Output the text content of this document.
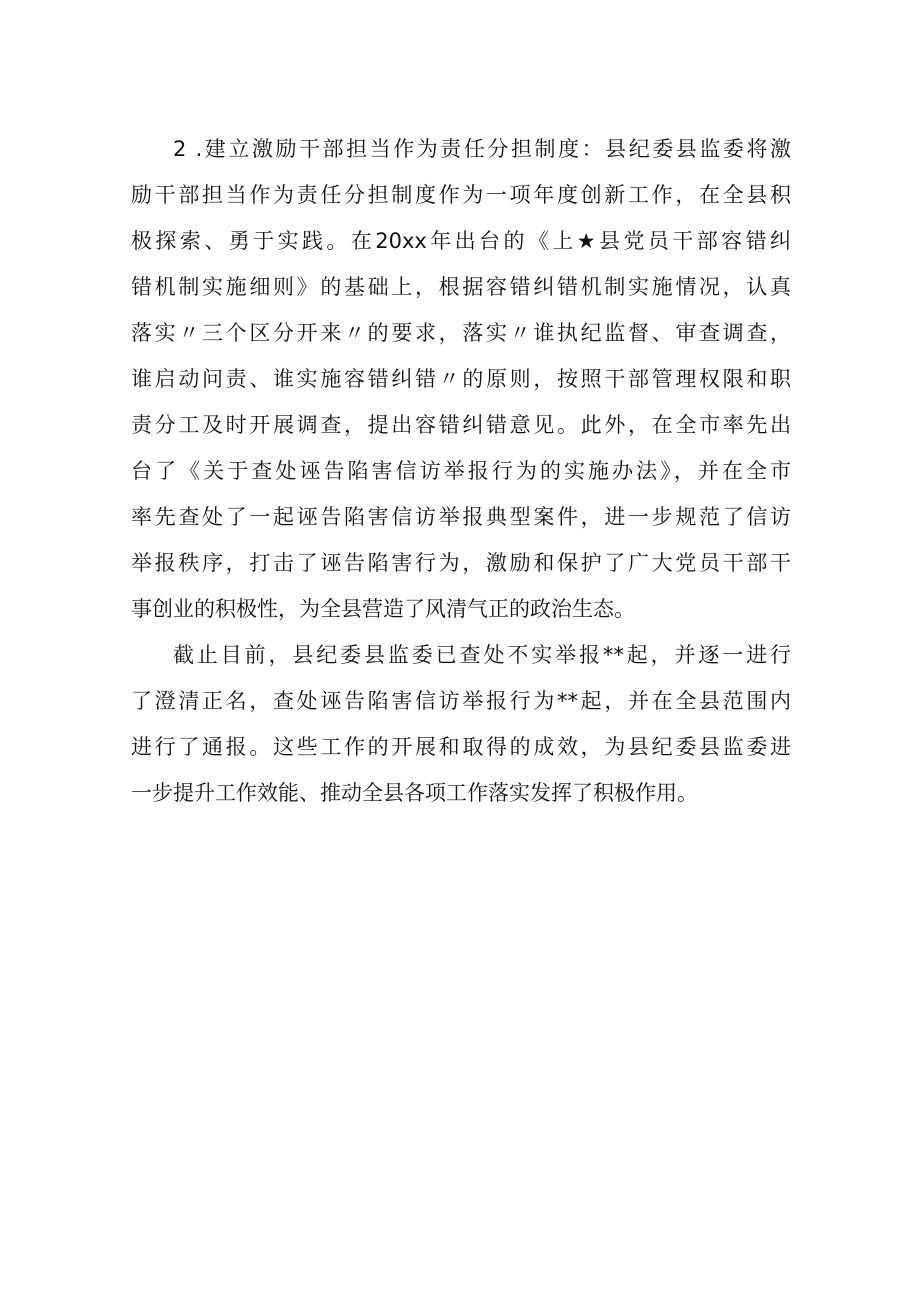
2 .建立激励干部担当作为责任分担制度：县纪委县监委将激
励干部担当作为责任分担制度作为一项年度创新工作，在全县积
极探索、勇于实践。在20xx年出台的《上★县党员干部容错纠
错机制实施细则》的基础上，根据容错纠错机制实施情况，认真
落实〃三个区分开来〃的要求，落实〃谁执纪监督、审查调查，
谁启动问责、谁实施容错纠错〃的原则，按照干部管理权限和职
责分工及时开展调查，提出容错纠错意见。此外，在全市率先出
台了《关于查处诬告陷害信访举报行为的实施办法》，并在全市
率先查处了一起诬告陷害信访举报典型案件，进一步规范了信访
举报秩序，打击了诬告陷害行为，激励和保护了广大党员干部干
事创业的积极性，为全县营造了风清气正的政治生态。
截止目前，县纪委县监委已查处不实举报**起，并逐一进行
了澄清正名，查处诬告陷害信访举报行为**起，并在全县范围内
进行了通报。这些工作的开展和取得的成效，为县纪委县监委进
一步提升工作效能、推动全县各项工作落实发挥了积极作用。
